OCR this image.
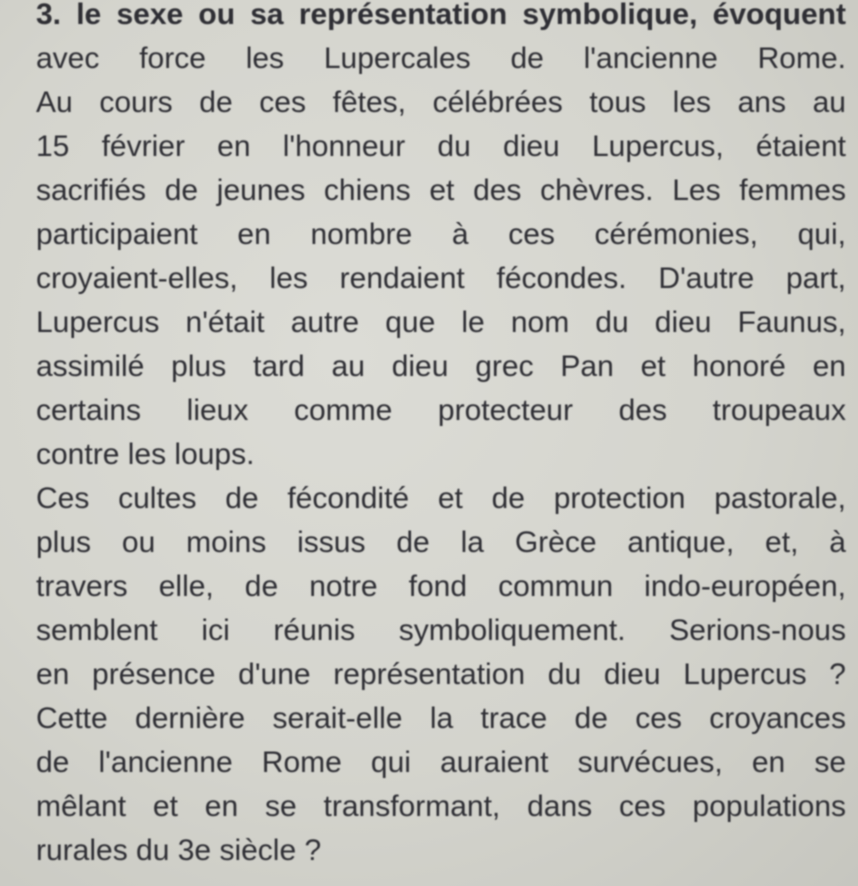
3. le sexe ou sa représentation symbolique, évoquent
avec force les Lupercales de l'ancienne Rome.
Au cours de ces fêtes, célébrées tous les ans au
15 février en l'honneur du dieu Lupercus, étaient
sacrifiés de jeunes chiens et des chèvres. Les femmes
participaient en nombre à ces cérémonies, qui,
croyaient-elles, les rendaient fécondes. D'autre part,
Lupercus n'était autre que le nom du dieu Faunus,
assimilé plus tard au dieu grec Pan et honoré en
certains lieux comme protecteur des troupeaux
contre les loups.
Ces cultes de fécondité et de protection pastorale,
plus ou moins issus de la Grèce antique, et, à
travers elle, de notre fond commun indo-européen,
semblent ici réunis symboliquement. Serions-nous
en présence d'une représentation du dieu Lupercus ?
Cette dernière serait-elle la trace de ces croyances
de l'ancienne Rome qui auraient survécues, en se
mêlant et en se transformant, dans ces populations
rurales du 3e siècle ?
